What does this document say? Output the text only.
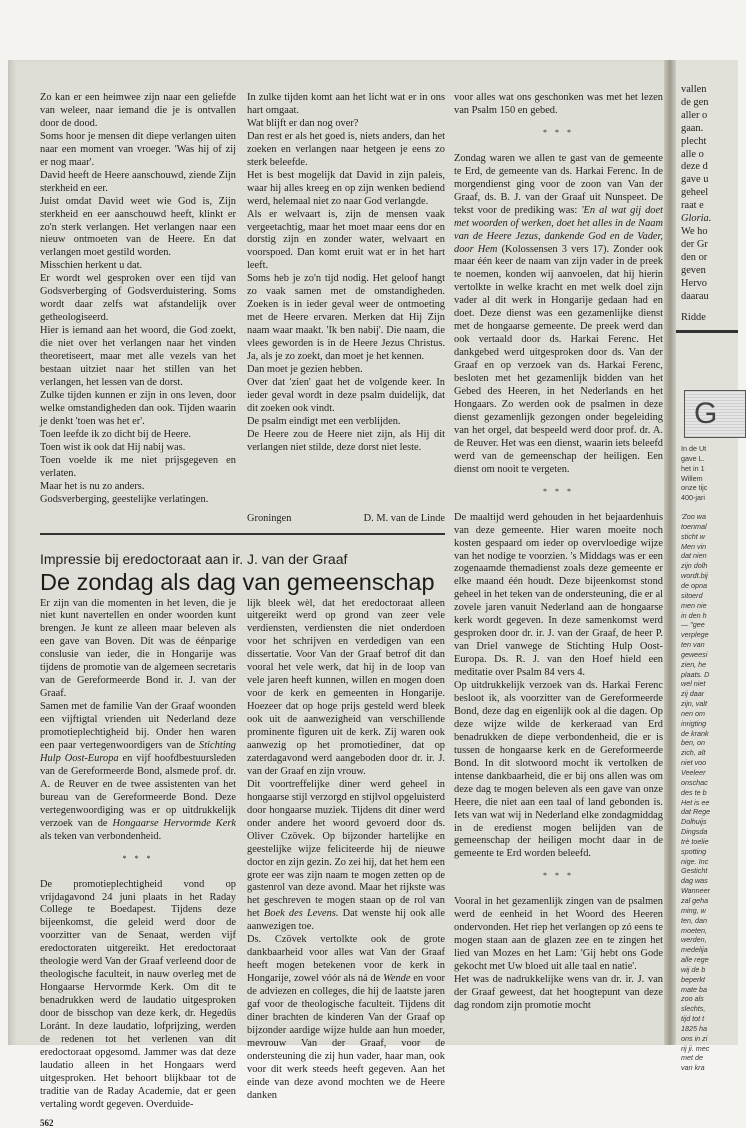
Zo kan er een heimwee zijn naar een geliefde van weleer, naar iemand die je is ontvallen door de dood.

Soms hoor je mensen dit diepe verlangen uiten naar een moment van vroeger. 'Was hij of zij er nog maar'.

David heeft de Heere aanschouwd, ziende Zijn sterkheid en eer.

Juist omdat David weet wie God is, Zijn sterkheid en eer aanschouwd heeft, klinkt er zo'n sterk verlangen. Het verlangen naar een nieuw ontmoeten van de Heere. En dat verlangen moet gestild worden.

Misschien herkent u dat.

Er wordt wel gesproken over een tijd van Godsverberging of Godsverduistering. Soms wordt daar zelfs wat afstandelijk over getheologiseerd.

Hier is iemand aan het woord, die God zoekt, die niet over het verlangen naar het vinden theoretiseert, maar met alle vezels van het bestaan uitziet naar het stillen van het verlangen, het lessen van de dorst.

Zulke tijden kunnen er zijn in ons leven, door welke omstandigheden dan ook. Tijden waarin je denkt 'toen was het er'.

Toen leefde ik zo dicht bij de Heere.

Toen wist ik ook dat Hij nabij was.

Toen voelde ik me niet prijsgegeven en verlaten.

Maar het is nu zo anders.

Godsverberging, geestelijke verlatingen.

In zulke tijden komt aan het licht wat er in ons hart omgaat.

Wat blijft er dan nog over?

Dan rest er als het goed is, niets anders, dan het zoeken en verlangen naar hetgeen je eens zo sterk beleefde.

Het is best mogelijk dat David in zijn paleis, waar hij alles kreeg en op zijn wenken bediend werd, helemaal niet zo naar God verlangde.

Als er welvaart is, zijn de mensen vaak vergeetachtig, maar het moet maar eens dor en dorstig zijn en zonder water, welvaart en voorspoed. Dan komt eruit wat er in het hart leeft.

Soms heb je zo'n tijd nodig. Het geloof hangt zo vaak samen met de omstandigheden. Zoeken is in ieder geval weer de ontmoeting met de Heere ervaren. Merken dat Hij Zijn naam waar maakt. 'Ik ben nabij'. Die naam, die vlees geworden is in de Heere Jezus Christus. Ja, als je zo zoekt, dan moet je het kennen.

Dan moet je gezien hebben.

Over dat 'zien' gaat het de volgende keer. In ieder geval wordt in deze psalm duidelijk, dat dit zoeken ook vindt.

De psalm eindigt met een verblijden.

De Heere zou de Heere niet zijn, als Hij dit verlangen niet stilde, deze dorst niet leste.

Groningen	D. M. van de Linde
Impressie bij eredoctoraat aan ir. J. van der Graaf
De zondag als dag van gemeenschap

Er zijn van die momenten in het leven, die je niet kunt navertellen en onder woorden kunt brengen. Je kunt ze alleen maar beleven als een gave van Boven. Dit was de éénparige conslusie van ieder, die in Hongarije was tijdens de promotie van de algemeen secretaris van de Gereformeerde Bond ir. J. van der Graaf.

Samen met de familie Van der Graaf woonden een vijftigtal vrienden uit Nederland deze promotieplechtigheid bij. Onder hen waren een paar vertegenwoordigers van de Stichting Hulp Oost-Europa en vijf hoofdbestuursleden van de Gereformeerde Bond, alsmede prof. dr. A. de Reuver en de twee assistenten van het bureau van de Gereformeerde Bond. Deze vertegenwoordiging was er op uitdrukkelijk verzoek van de Hongaarse Hervormde Kerk als teken van verbondenheid.

* * *

De promotieplechtigheid vond op vrijdagavond 24 juni plaats in het Raday College te Boedapest. Tijdens deze bijeenkomst, die geleid werd door de voorzitter van de Senaat, werden vijf eredoctoraten uitgereikt. Het eredoctoraat theologie werd Van der Graaf verleend door de theologische faculteit, in nauw overleg met de Hongaarse Hervormde Kerk. Om dit te benadrukken werd de laudatio uitgesproken door de bisschop van deze kerk, dr. Hegedüs Loránt. In deze laudatio, lofprijzing, werden de redenen tot het verlenen van dit eredoctoraat opgesomd. Jammer was dat deze laudatio alleen in het Hongaars werd uitgesproken. Het behoort blijkbaar tot de traditie van de Raday Academie, dat er geen vertaling wordt gegeven. Overduide-

lijk bleek wèl, dat het eredoctoraat alleen uitgereikt werd op grond van zeer vele verdiensten, verdiensten die niet onderdoen voor het schrijven en verdedigen van een dissertatie. Voor Van der Graaf betrof dit dan vooral het vele werk, dat hij in de loop van vele jaren heeft kunnen, willen en mogen doen voor de kerk en gemeenten in Hongarije. Hoezeer dat op hoge prijs gesteld werd bleek ook uit de aanwezigheid van verschillende prominente figuren uit de kerk. Zij waren ook aanwezig op het promotiediner, dat op zaterdagavond werd aangeboden door dr. ir. J. van der Graaf en zijn vrouw.

Dit voortreffelijke diner werd geheel in hongaarse stijl verzorgd en stijlvol opgeluisterd door hongaarse muziek. Tijdens dit diner werd onder andere het woord gevoerd door ds. Oliver Czövek. Op bijzonder hartelijke en geestelijke wijze feliciteerde hij de nieuwe doctor en zijn gezin. Zo zei hij, dat het hem een grote eer was zijn naam te mogen zetten op de gastenrol van deze avond. Maar het rijkste was het geschreven te mogen staan op de rol van het Boek des Levens. Dat wenste hij ook alle aanwezigen toe.

Ds. Czövek vertolkte ook de grote dankbaarheid voor alles wat Van der Graaf heeft mogen betekenen voor de kerk in Hongarije, zowel vóór als ná de Wende en voor de adviezen en colleges, die hij de laatste jaren gaf voor de theologische faculteit. Tijdens dit diner brachten de kinderen Van der Graaf op bijzonder aardige wijze hulde aan hun moeder, mevrouw Van der Graaf, voor de ondersteuning die zij hun vader, haar man, ook voor dit werk steeds heeft gegeven. Aan het einde van deze avond mochten we de Heere danken

562

voor alles wat ons geschonken was met het lezen van Psalm 150 en gebed.

* * *

Zondag waren we allen te gast van de gemeente te Erd, de gemeente van ds. Harkai Ferenc. In de morgendienst ging voor de zoon van Van der Graaf, ds. B. J. van der Graaf uit Nunspeet. De tekst voor de prediking was: 'En al wat gij doet met woorden of werken, doet het alles in de Naam van de Heere Jezus, dankende God en de Vader, door Hem (Kolossensen 3 vers 17). Zonder ook maar één keer de naam van zijn vader in de preek te noemen, konden wij aanvoelen, dat hij hierin vertolkte in welke kracht en met welk doel zijn vader al dit werk in Hongarije gedaan had en doet. Deze dienst was een gezamenlijke dienst met de hongaarse gemeente. De preek werd dan ook vertaald door ds. Harkai Ferenc. Het dankgebed werd uitgesproken door ds. Van der Graaf en op verzoek van ds. Harkai Ferenc, besloten met het gezamenlijk bidden van het Gebed des Heeren, in het Nederlands en het Hongaars. Zo werden ook de psalmen in deze dienst gezamenlijk gezongen onder begeleiding van het orgel, dat bespeeld werd door prof. dr. A. de Reuver. Het was een dienst, waarin iets beleefd werd van de gemeenschap der heiligen. Een dienst om nooit te vergeten.

* * *

De maaltijd werd gehouden in het bejaardenhuis van deze gemeente. Hier waren moeite noch kosten gespaard om ieder op overvloedige wijze van het nodige te voorzien. 's Middags was er een zogenaamde themadienst zoals deze gemeente er elke maand één houdt. Deze bijeenkomst stond geheel in het teken van de ondersteuning, die er al zovele jaren vanuit Nederland aan de hongaarse kerk wordt gegeven. In deze samenkomst werd gesproken door dr. ir. J. van der Graaf, de heer P. van Driel vanwege de Stichting Hulp Oost-Europa. Ds. R. J. van den Hoef hield een meditatie over Psalm 84 vers 4.

Op uitdrukkelijk verzoek van ds. Harkai Ferenc besloot ik, als voorzitter van de Gereformeerde Bond, deze dag en eigenlijk ook al die dagen. Op deze wijze wilde de kerkeraad van Erd benadrukken de diepe verbondenheid, die er is tussen de hongaarse kerk en de Gereformeerde Bond. In dit slotwoord mocht ik vertolken de intense dankbaarheid, die er bij ons allen was om deze dag te mogen beleven als een gave van onze Heere, die niet aan een taal of land gebonden is. Iets van wat wij in Nederland elke zondagmiddag in de eredienst mogen belijden van de gemeenschap der heiligen mocht daar in de gemeente te Erd worden beleefd.

* * *

Vooral in het gezamenlijk zingen van de psalmen werd de eenheid in het Woord des Heeren ondervonden. Het riep het verlangen op zó eens te mogen staan aan de glazen zee en te zingen het lied van Mozes en het Lam: 'Gij hebt ons Gode gekocht met Uw bloed uit alle taal en natie'.

Het was de nadrukkelijke wens van dr. ir. J. van der Graaf geweest, dat het hoogtepunt van deze dag rondom zijn promotie mocht

vallen
de gen
aller o
gaan.
plecht
alle o
deze d
gave u
geheel
raat e
Gloria.
We ho
der Gr
den or
geven
Hervo
daarau
Ridde
G
In de Ut
gave L.
het in 1
Willem
onze tijc
400-jari
'Zoo wa
toenmal
sticht w
Men vin
dat nien
zijn dolh
wordt.bij
de opna
sitoerd
men nie
in den h
— "gee
verplege
ten van
geweesi
zien, he
plaats. D
wel niet
zij daar
zijn, valt
nen om
inrigting
de krank
ben, on
zich, alt
niet voo
Veeleer
onschac
des te b
Het is ee
dat Rege
Dolhuijs
Dingsda
trè toelie
spotting
nige. Inc
Gesticht
dag was
Wanneer
zal geha
ming, w
ten, dan
moeten,
werden,
medelija
alle rege
wij de b
beperkt
mate ba
zoo als
slechts,
tijd tot t
1825 ha
ons in zi
rij ji. mec
met de
van kra
